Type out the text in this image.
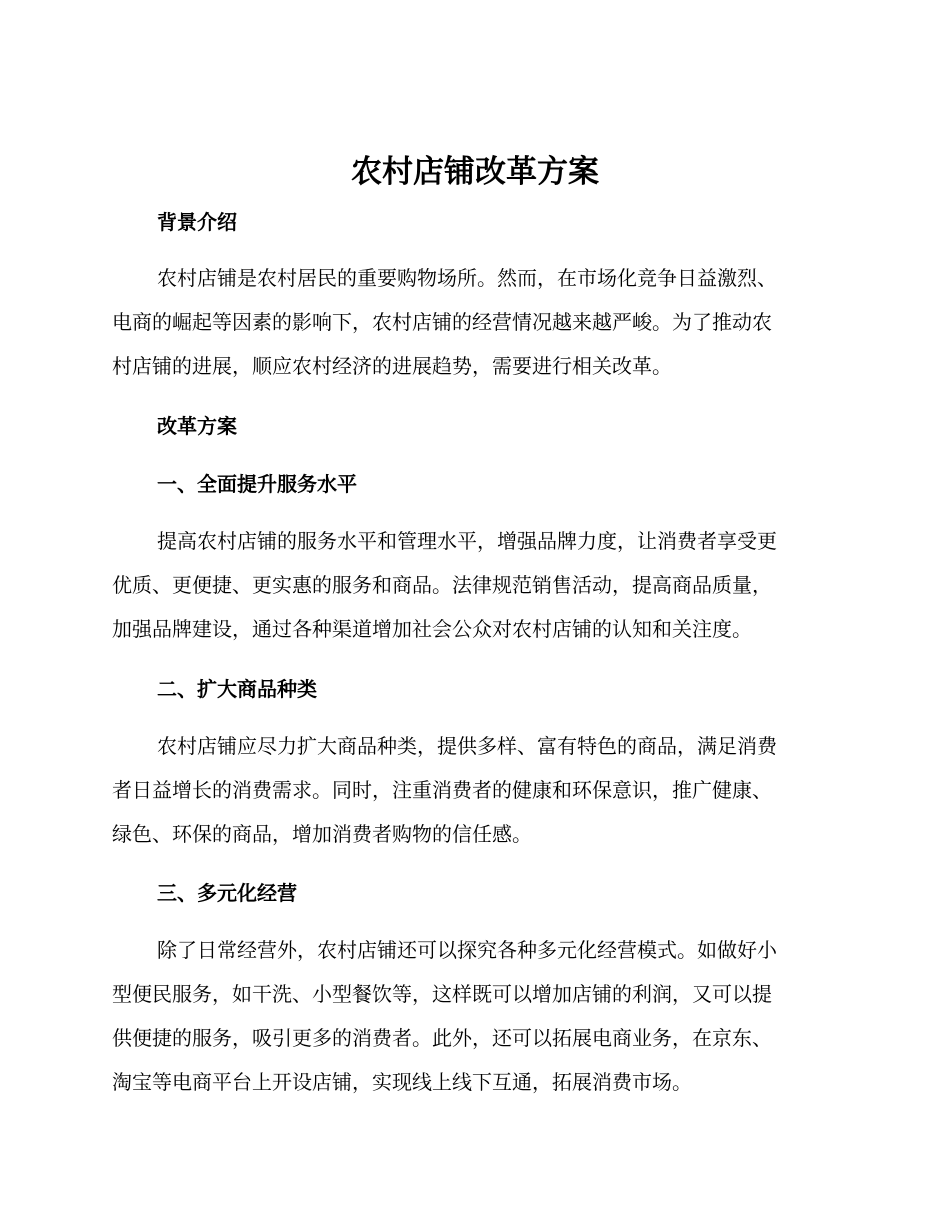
农村店铺改革方案
背景介绍

农村店铺是农村居民的重要购物场所。然而，在市场化竞争日益激烈、
电商的崛起等因素的影响下，农村店铺的经营情况越来越严峻。为了推动农
村店铺的进展，顺应农村经济的进展趋势，需要进行相关改革。

改革方案
一、全面提升服务水平

提高农村店铺的服务水平和管理水平，增强品牌力度，让消费者享受更
优质、更便捷、更实惠的服务和商品。法律规范销售活动，提高商品质量，
加强品牌建设，通过各种渠道增加社会公众对农村店铺的认知和关注度。

二、扩大商品种类

农村店铺应尽力扩大商品种类，提供多样、富有特色的商品，满足消费
者日益增长的消费需求。同时，注重消费者的健康和环保意识，推广健康、
绿色、环保的商品，增加消费者购物的信任感。

三、多元化经营

除了日常经营外，农村店铺还可以探究各种多元化经营模式。如做好小
型便民服务，如干洗、小型餐饮等，这样既可以增加店铺的利润，又可以提
供便捷的服务，吸引更多的消费者。此外，还可以拓展电商业务，在京东、
淘宝等电商平台上开设店铺，实现线上线下互通，拓展消费市场。
